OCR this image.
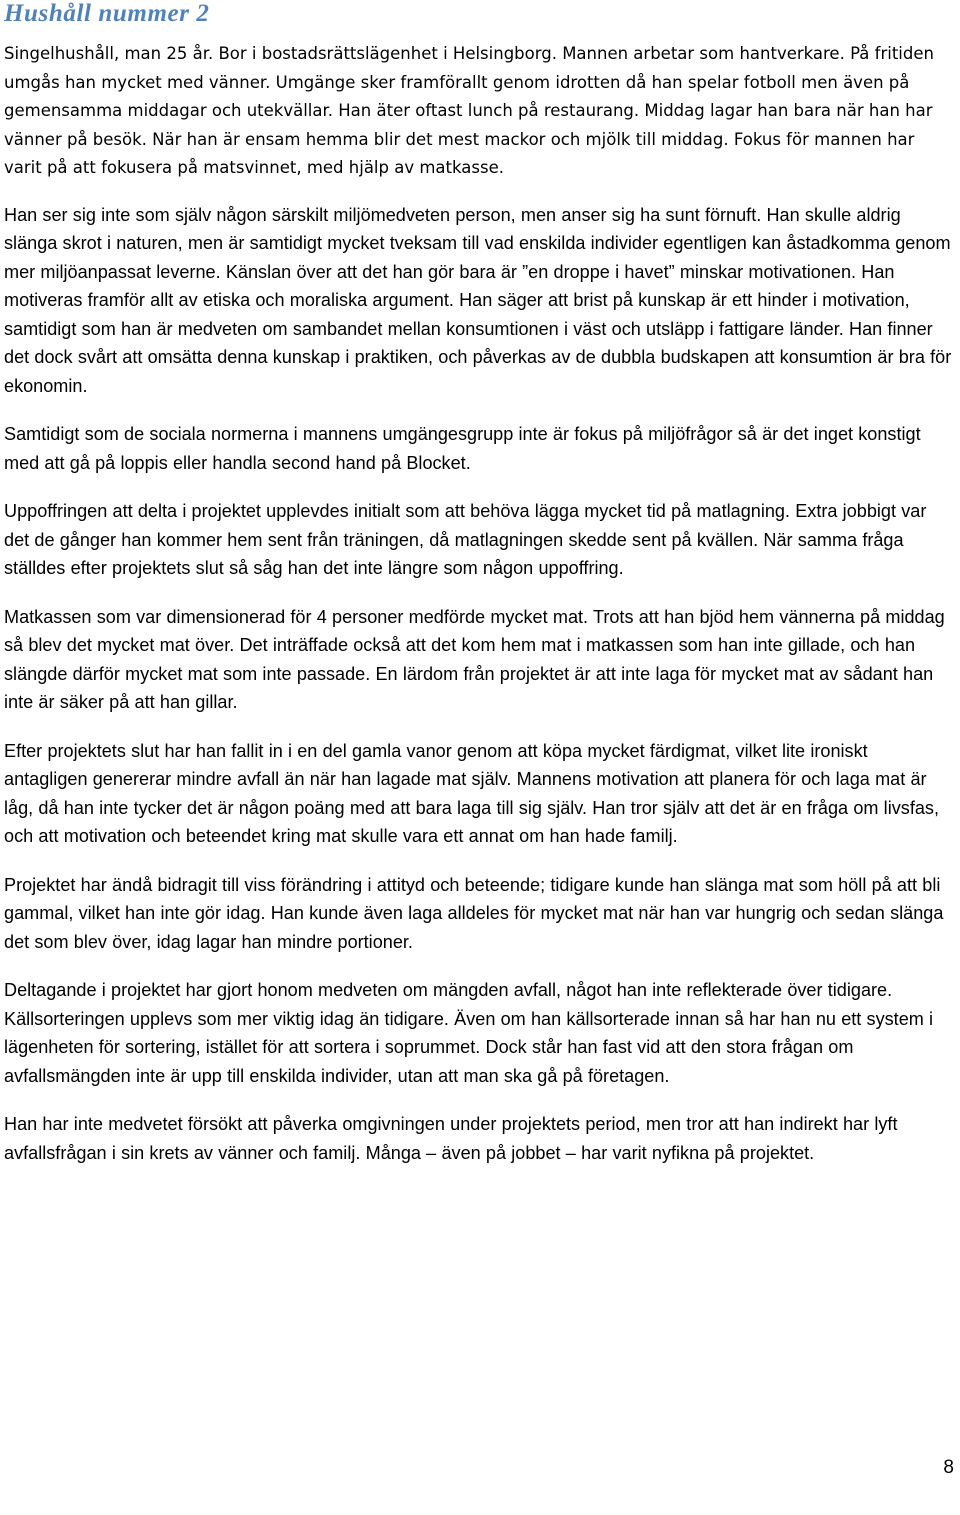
Hushåll nummer 2

Singelhushåll, man 25 år. Bor i bostadsrättslägenhet i Helsingborg. Mannen arbetar som hantverkare. På fritiden umgås han mycket med vänner. Umgänge sker framförallt genom idrotten då han spelar fotboll men även på gemensamma middagar och utekvällar. Han äter oftast lunch på restaurang. Middag lagar han bara när han har vänner på besök. När han är ensam hemma blir det mest mackor och mjölk till middag. Fokus för mannen har varit på att fokusera på matsvinnet, med hjälp av matkasse.

Han ser sig inte som själv någon särskilt miljömedveten person, men anser sig ha sunt förnuft. Han skulle aldrig slänga skrot i naturen, men är samtidigt mycket tveksam till vad enskilda individer egentligen kan åstadkomma genom mer miljöanpassat leverne. Känslan över att det han gör bara är ”en droppe i havet” minskar motivationen. Han motiveras framför allt av etiska och moraliska argument. Han säger att brist på kunskap är ett hinder i motivation, samtidigt som han är medveten om sambandet mellan konsumtionen i väst och utsläpp i fattigare länder. Han finner det dock svårt att omsätta denna kunskap i praktiken, och påverkas av de dubbla budskapen att konsumtion är bra för ekonomin.

Samtidigt som de sociala normerna i mannens umgängesgrupp inte är fokus på miljöfrågor så är det inget konstigt med att gå på loppis eller handla second hand på Blocket.

Uppoffringen att delta i projektet upplevdes initialt som att behöva lägga mycket tid på matlagning. Extra jobbigt var det de gånger han kommer hem sent från träningen, då matlagningen skedde sent på kvällen. När samma fråga ställdes efter projektets slut så såg han det inte längre som någon uppoffring.

Matkassen som var dimensionerad för 4 personer medförde mycket mat. Trots att han bjöd hem vännerna på middag så blev det mycket mat över. Det inträffade också att det kom hem mat i matkassen som han inte gillade, och han slängde därför mycket mat som inte passade. En lärdom från projektet är att inte laga för mycket mat av sådant han inte är säker på att han gillar.

Efter projektets slut har han fallit in i en del gamla vanor genom att köpa mycket färdigmat, vilket lite ironiskt antagligen genererar mindre avfall än när han lagade mat själv. Mannens motivation att planera för och laga mat är låg, då han inte tycker det är någon poäng med att bara laga till sig själv. Han tror själv att det är en fråga om livsfas, och att motivation och beteendet kring mat skulle vara ett annat om han hade familj.

Projektet har ändå bidragit till viss förändring i attityd och beteende; tidigare kunde han slänga mat som höll på att bli gammal, vilket han inte gör idag. Han kunde även laga alldeles för mycket mat när han var hungrig och sedan slänga det som blev över, idag lagar han mindre portioner.

Deltagande i projektet har gjort honom medveten om mängden avfall, något han inte reflekterade över tidigare. Källsorteringen upplevs som mer viktig idag än tidigare. Även om han källsorterade innan så har han nu ett system i lägenheten för sortering, istället för att sortera i soprummet. Dock står han fast vid att den stora frågan om avfallsmängden inte är upp till enskilda individer, utan att man ska gå på företagen.

Han har inte medvetet försökt att påverka omgivningen under projektets period, men tror att han indirekt har lyft avfallsfrågan i sin krets av vänner och familj. Många – även på jobbet – har varit nyfikna på projektet.

8
